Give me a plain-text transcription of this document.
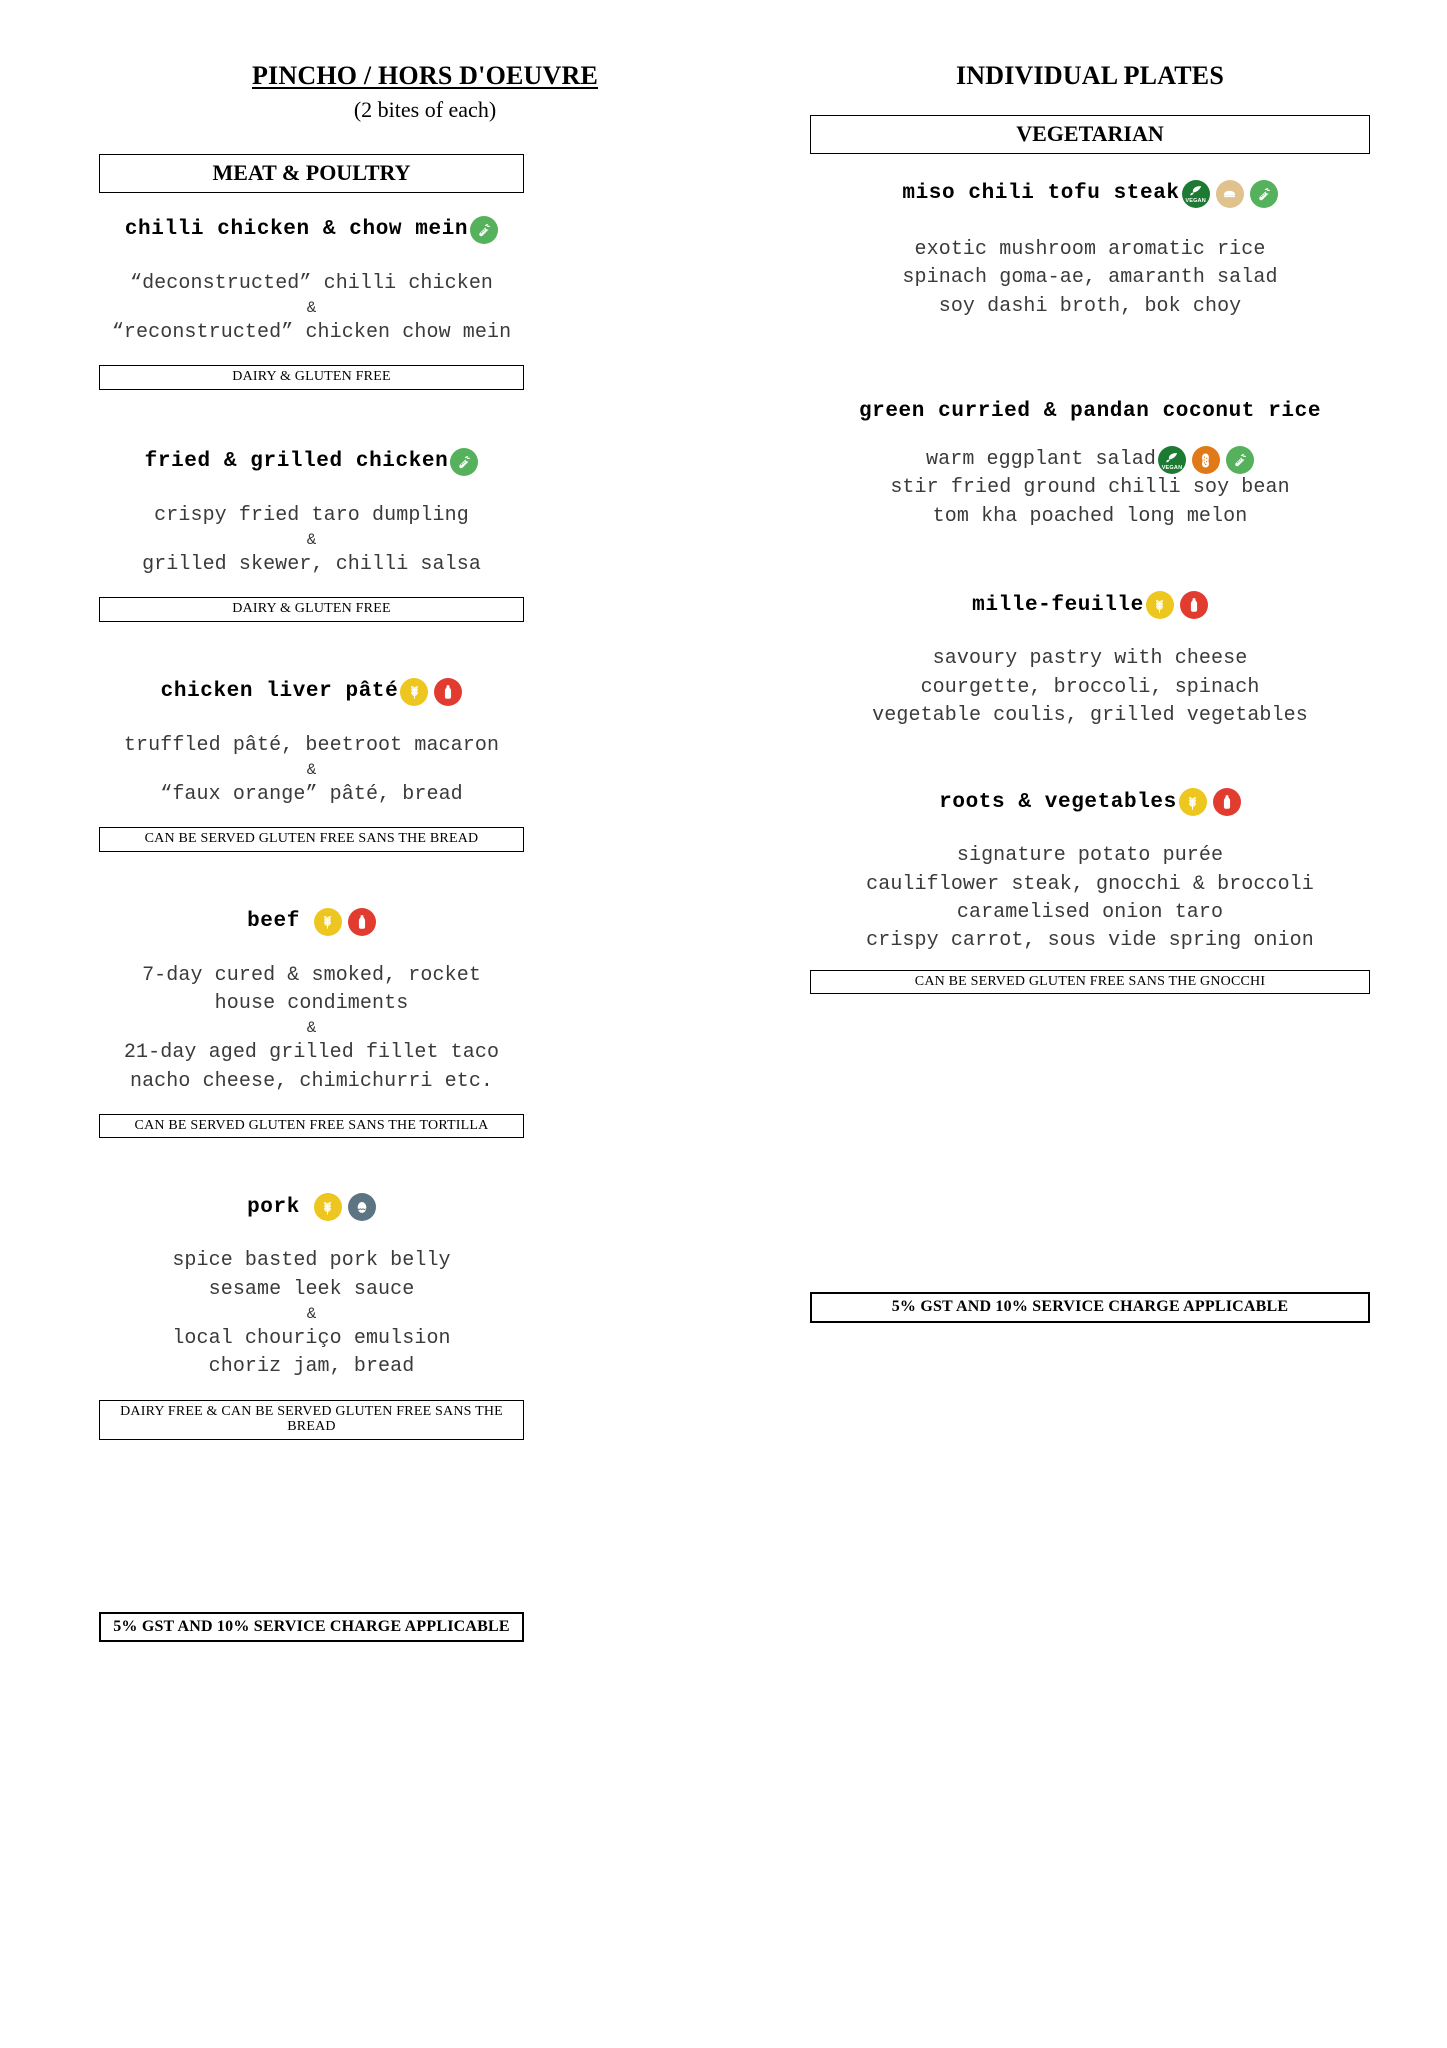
PINCHO / HORS D'OEUVRE
(2 bites of each)
MEAT & POULTRY
chilli chicken & chow mein
“deconstructed” chilli chicken
&
“reconstructed” chicken chow mein
DAIRY & GLUTEN FREE
fried & grilled chicken
crispy fried taro dumpling
&
grilled skewer, chilli salsa
DAIRY & GLUTEN FREE
chicken liver pâté
truffled pâté, beetroot macaron
&
“faux orange” pâté, bread
CAN BE SERVED GLUTEN FREE SANS THE BREAD
beef
7-day cured & smoked, rocket
house condiments
&
21-day aged grilled fillet taco
nacho cheese, chimichurri etc.
CAN BE SERVED GLUTEN FREE SANS THE TORTILLA
pork
spice basted pork belly
sesame leek sauce
&
local chouriço emulsion
choriz jam, bread
DAIRY FREE & CAN BE SERVED GLUTEN FREE SANS THE BREAD
5% GST AND 10% SERVICE CHARGE APPLICABLE
INDIVIDUAL PLATES
VEGETARIAN
miso chili tofu steak	VEGAN
exotic mushroom aromatic rice
spinach goma-ae, amaranth salad
soy dashi broth, bok choy
green curried & pandan coconut rice
warm eggplant salad	VEGAN
stir fried ground chilli soy bean
tom kha poached long melon
mille-feuille
savoury pastry with cheese
courgette, broccoli, spinach
vegetable coulis, grilled vegetables
roots & vegetables
signature potato purée
cauliflower steak, gnocchi & broccoli
caramelised onion taro
crispy carrot, sous vide spring onion
CAN BE SERVED GLUTEN FREE SANS THE GNOCCHI
5% GST AND 10% SERVICE CHARGE APPLICABLE
